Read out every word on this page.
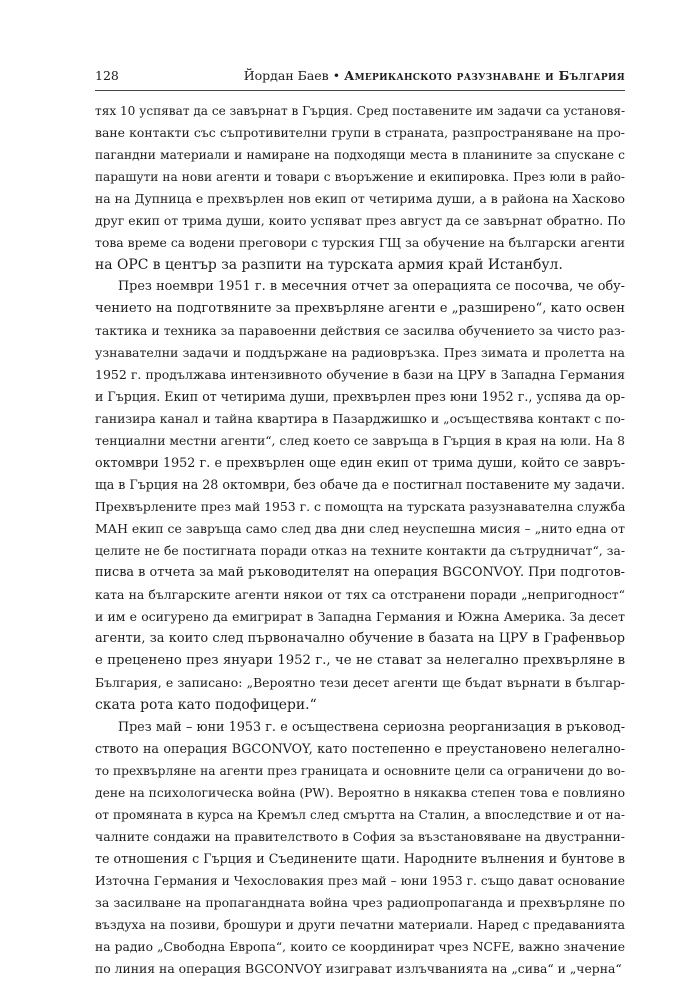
128	Йордан Баев • Американското разузнаване и България
тях 10 успяват да се завърнат в Гърция. Сред поставените им задачи са установя-
ване контакти със съпротивителни групи в страната, разпространяване на про-
пагандни материали и намиране на подходящи места в планините за спускане с
парашути на нови агенти и товари с въоръжение и екипировка. През юли в райо-
на на Дупница е прехвърлен нов екип от четирима души, а в района на Хасково
друг екип от трима души, които успяват през август да се завърнат обратно. По
това време са водени преговори с турския ГЩ за обучение на български агенти
на ОРС в център за разпити на турската армия край Истанбул.
През ноември 1951 г. в месечния отчет за операцията се посочва, че обу-
чението на подготвяните за прехвърляне агенти е „разширено“, като освен
тактика и техника за паравоенни действия се засилва обучението за чисто раз-
узнавателни задачи и поддържане на радиовръзка. През зимата и пролетта на
1952 г. продължава интензивното обучение в бази на ЦРУ в Западна Германия
и Гърция. Екип от четирима души, прехвърлен през юни 1952 г., успява да ор-
ганизира канал и тайна квартира в Пазарджишко и „осъществява контакт с по-
тенциални местни агенти“, след което се завръща в Гърция в края на юли. На 8
октомври 1952 г. е прехвърлен още един екип от трима души, който се завръ-
ща в Гърция на 28 октомври, без обаче да е постигнал поставените му задачи.
Прехвърлените през май 1953 г. с помощта на турската разузнавателна служба
МАН екип се завръща само след два дни след неуспешна мисия – „нито една от
целите не бе постигната поради отказ на техните контакти да сътрудничат“, за-
писва в отчета за май ръководителят на операция BGCONVOY. При подготов-
ката на българските агенти някои от тях са отстранени поради „непригодност“
и им е осигурено да емигрират в Западна Германия и Южна Америка. За десет
агенти, за които след първоначално обучение в базата на ЦРУ в Графенвьор
е преценено през януари 1952 г., че не стават за нелегално прехвърляне в
България, е записано: „Вероятно тези десет агенти ще бъдат върнати в българ-
ската рота като подофицери.“
През май – юни 1953 г. е осъществена сериозна реорганизация в ръковод-
ството на операция BGCONVOY, като постепенно е преустановено нелегално-
то прехвърляне на агенти през границата и основните цели са ограничени до во-
дене на психологическа война (PW). Вероятно в някаква степен това е повлияно
от промяната в курса на Кремъл след смъртта на Сталин, а впоследствие и от на-
чалните сондажи на правителството в София за възстановяване на двустранни-
те отношения с Гърция и Съединените щати. Народните вълнения и бунтове в
Източна Германия и Чехословакия през май – юни 1953 г. също дават основание
за засилване на пропагандната война чрез радиопропаганда и прехвърляне по
въздуха на позиви, брошури и други печатни материали. Наред с предаванията
на радио „Свободна Европа“, които се координират чрез NCFE, важно значение
по линия на операция BGCONVOY изиграват излъчванията на „сива“ и „черна“
